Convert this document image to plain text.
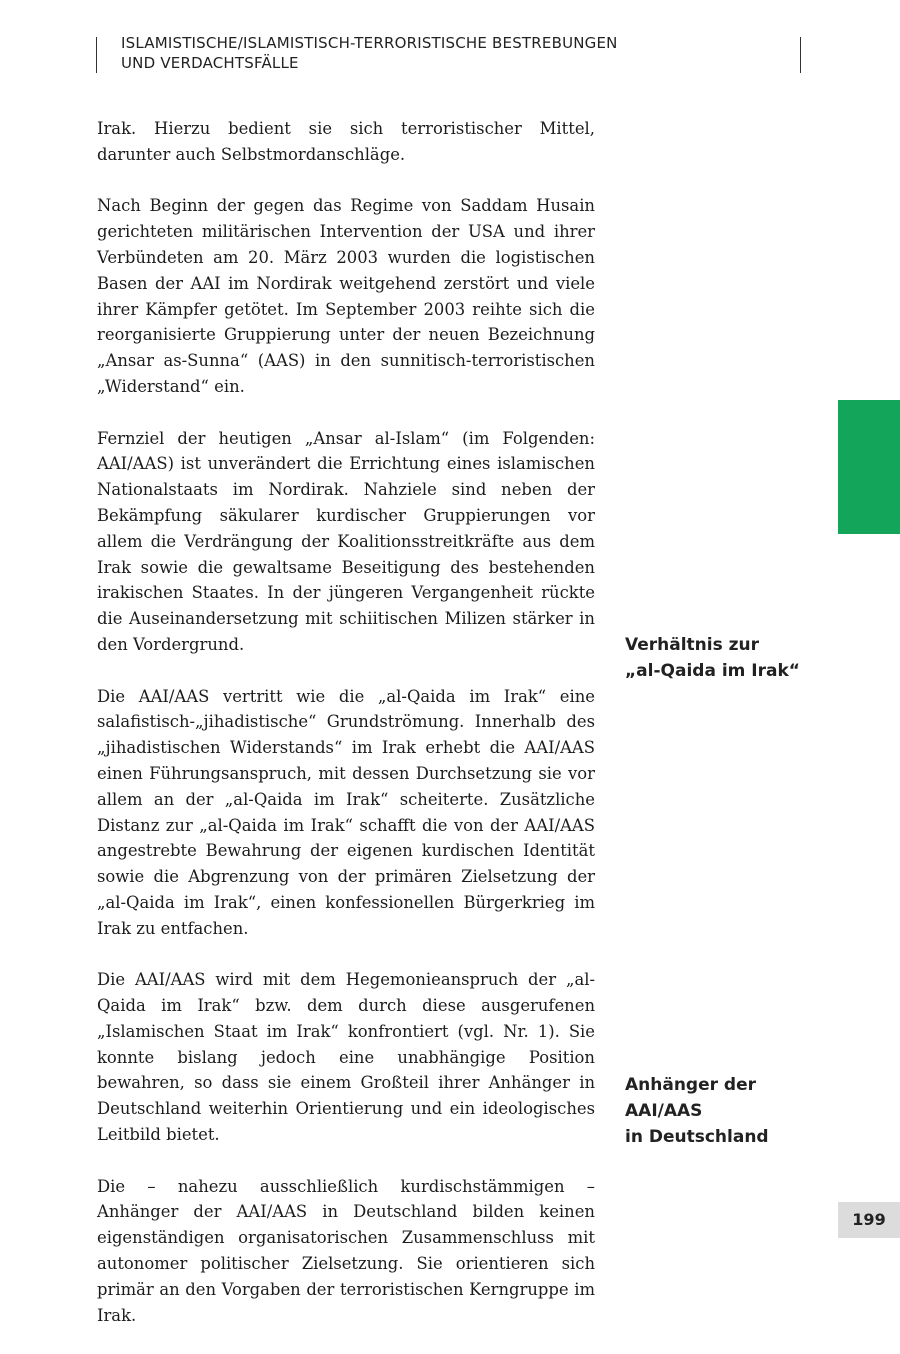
ISLAMISTISCHE/ISLAMISTISCH-TERRORISTISCHE BESTREBUNGEN
UND VERDACHTSFÄLLE

Irak. Hierzu bedient sie sich terroristischer Mittel, darunter auch Selbstmordanschläge.

Nach Beginn der gegen das Regime von Saddam Husain gerichteten militärischen Intervention der USA und ihrer Verbündeten am 20. März 2003 wurden die logistischen Basen der AAI im Nordirak weitgehend zerstört und viele ihrer Kämpfer getötet. Im September 2003 reihte sich die reorganisierte Gruppierung unter der neuen Bezeichnung „Ansar as-Sunna“ (AAS) in den sunnitisch-terroristischen „Widerstand“ ein.

Fernziel der heutigen „Ansar al-Islam“ (im Folgenden: AAI/AAS) ist unverändert die Errichtung eines islamischen Nationalstaats im Nordirak. Nahziele sind neben der Bekämpfung säkularer kurdischer Gruppierungen vor allem die Verdrängung der Koalitionsstreitkräfte aus dem Irak sowie die gewaltsame Beseitigung des bestehenden irakischen Staates. In der jüngeren Vergangenheit rückte die Auseinandersetzung mit schiitischen Milizen stärker in den Vordergrund.

Die AAI/AAS vertritt wie die „al-Qaida im Irak“ eine salafistisch-„jihadistische“ Grundströmung. Innerhalb des „jihadistischen Widerstands“ im Irak erhebt die AAI/AAS einen Führungsanspruch, mit dessen Durchsetzung sie vor allem an der „al-Qaida im Irak“ scheiterte. Zusätzliche Distanz zur „al-Qaida im Irak“ schafft die von der AAI/AAS angestrebte Bewahrung der eigenen kurdischen Identität sowie die Abgrenzung von der primären Zielsetzung der „al-Qaida im Irak“, einen konfessionellen Bürgerkrieg im Irak zu entfachen.

Die AAI/AAS wird mit dem Hegemonieanspruch der „al-Qaida im Irak“ bzw. dem durch diese ausgerufenen „Islamischen Staat im Irak“ konfrontiert (vgl. Nr. 1). Sie konnte bislang jedoch eine unabhängige Position bewahren, so dass sie einem Großteil ihrer Anhänger in Deutschland weiterhin Orientierung und ein ideologisches Leitbild bietet.

Die – nahezu ausschließlich kurdischstämmigen – Anhänger der AAI/AAS in Deutschland bilden keinen eigenständigen organisatorischen Zusammenschluss mit autonomer politischer Zielsetzung. Sie orientieren sich primär an den Vorgaben der terroristischen Kerngruppe im Irak.

Verhältnis zur
„al-Qaida im Irak“
Anhänger der
AAI/AAS
in Deutschland
199
